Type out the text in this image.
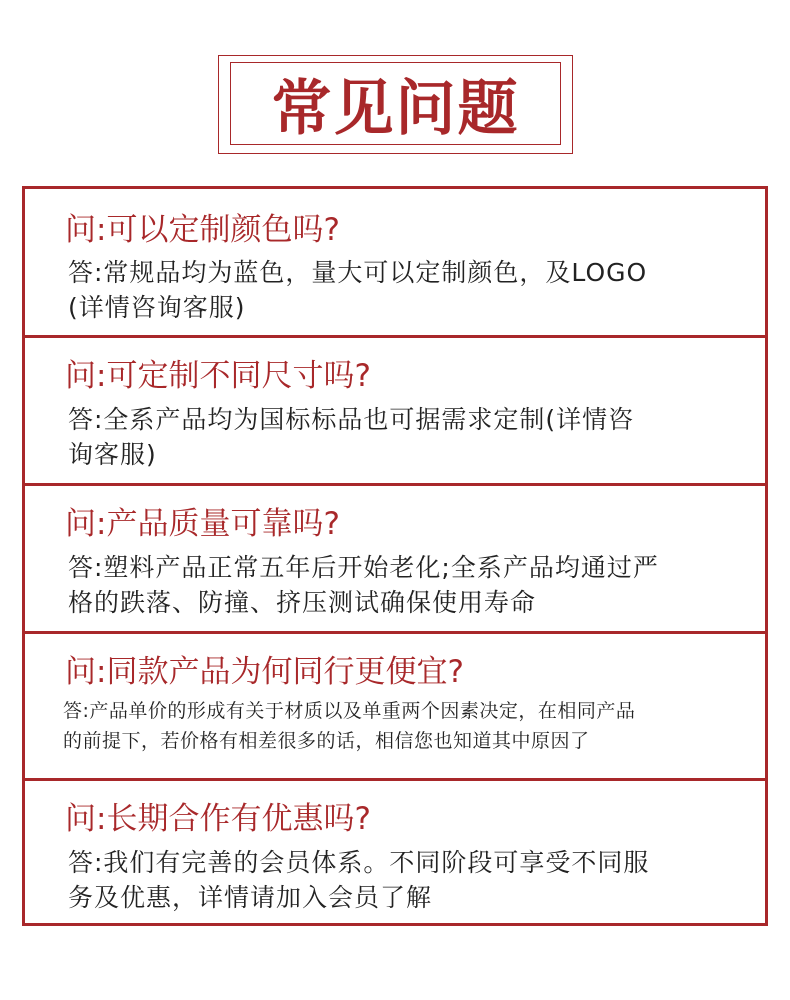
常见问题
问:可以定制颜色吗?
答:常规品均为蓝色，量大可以定制颜色，及LOGO
(详情咨询客服)
问:可定制不同尺寸吗?
答:全系产品均为国标标品也可据需求定制(详情咨
询客服)
问:产品质量可靠吗?
答:塑料产品正常五年后开始老化;全系产品均通过严
格的跌落、防撞、挤压测试确保使用寿命
问:同款产品为何同行更便宜?
答:产品单价的形成有关于材质以及单重两个因素决定，在相同产品
的前提下，若价格有相差很多的话，相信您也知道其中原因了
问:长期合作有优惠吗?
答:我们有完善的会员体系。不同阶段可享受不同服
务及优惠，详情请加入会员了解
